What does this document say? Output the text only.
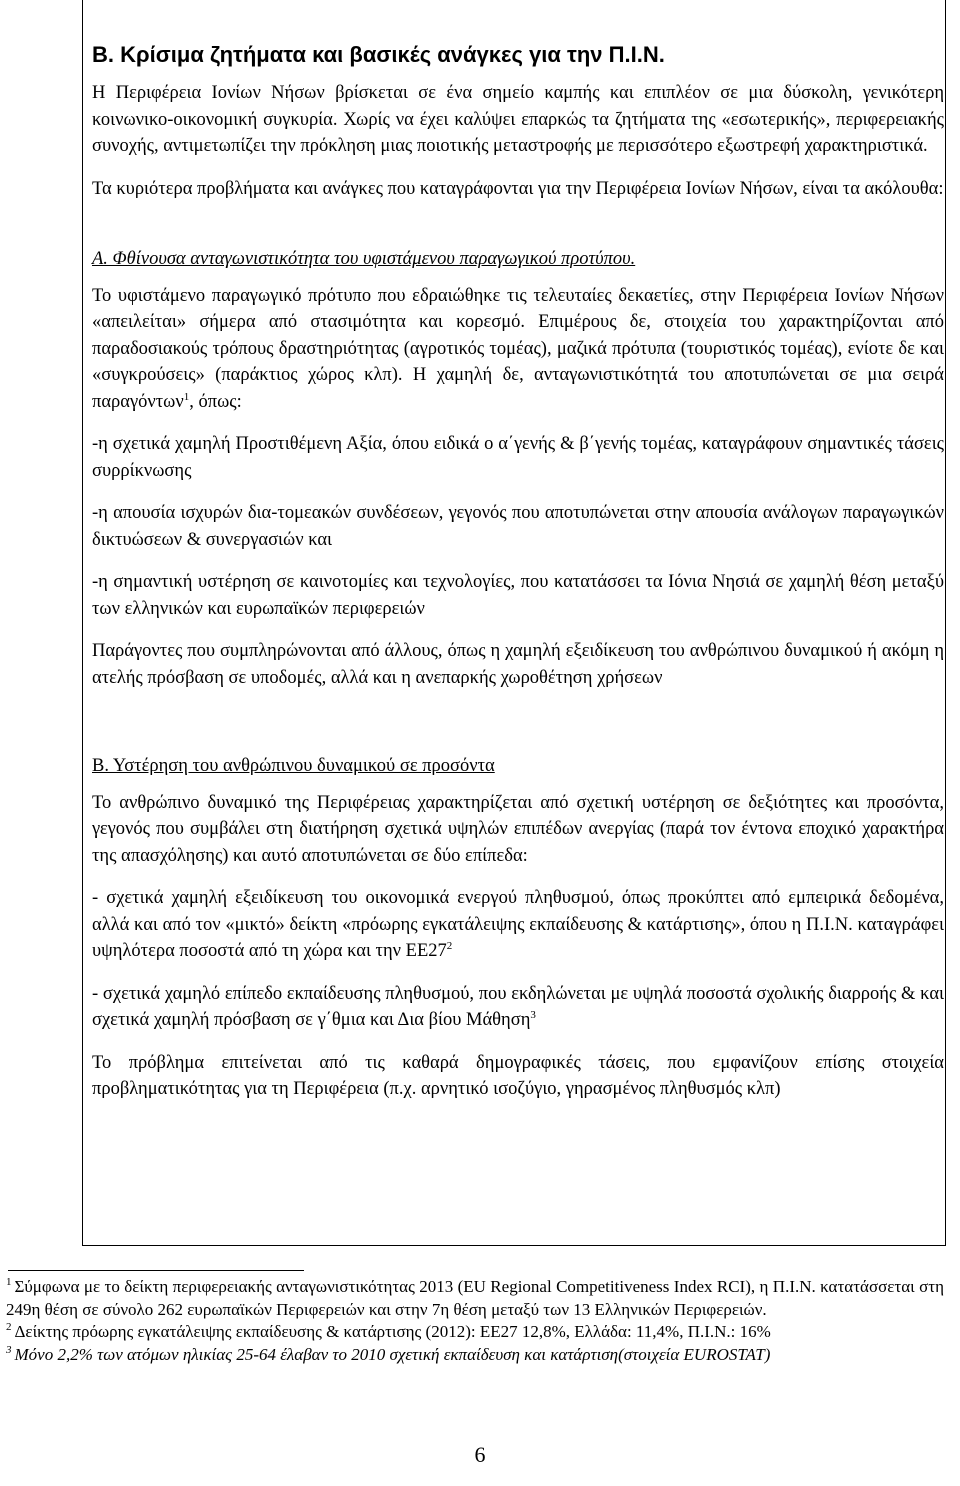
B. Κρίσιμα ζητήματα και βασικές ανάγκες για την Π.Ι.Ν.

Η Περιφέρεια Ιονίων Νήσων βρίσκεται σε ένα σημείο καμπής και επιπλέον σε μια δύσκολη, γενικότερη κοινωνικο-οικονομική συγκυρία. Χωρίς να έχει καλύψει επαρκώς τα ζητήματα της «εσωτερικής», περιφερειακής συνοχής, αντιμετωπίζει την πρόκληση μιας ποιοτικής μεταστροφής με περισσότερο εξωστρεφή χαρακτηριστικά.

Τα κυριότερα προβλήματα και ανάγκες που καταγράφονται για την Περιφέρεια Ιονίων Νήσων, είναι τα ακόλουθα:

Α. Φθίνουσα ανταγωνιστικότητα του υφιστάμενου παραγωγικού προτύπου.

Το υφιστάμενο παραγωγικό πρότυπο που εδραιώθηκε τις τελευταίες δεκαετίες, στην Περιφέρεια Ιονίων Νήσων «απειλείται» σήμερα από στασιμότητα και κορεσμό. Επιμέρους δε, στοιχεία του χαρακτηρίζονται από παραδοσιακούς τρόπους δραστηριότητας (αγροτικός τομέας), μαζικά πρότυπα (τουριστικός τομέας), ενίοτε δε και «συγκρούσεις» (παράκτιος χώρος κλπ). Η χαμηλή δε, ανταγωνιστικότητά του αποτυπώνεται σε μια σειρά παραγόντων$^1$, όπως:

-η σχετικά χαμηλή Προστιθέμενη Αξία, όπου ειδικά ο α΄γενής & β΄γενής τομέας, καταγράφουν σημαντικές τάσεις συρρίκνωσης

-η απουσία ισχυρών δια-τομεακών συνδέσεων, γεγονός που αποτυπώνεται στην απουσία ανάλογων παραγωγικών δικτυώσεων & συνεργασιών και

-η σημαντική υστέρηση σε καινοτομίες και τεχνολογίες, που κατατάσσει τα Ιόνια Νησιά σε χαμηλή θέση μεταξύ των ελληνικών και ευρωπαϊκών περιφερειών

Παράγοντες που συμπληρώνονται από άλλους, όπως η χαμηλή εξειδίκευση του ανθρώπινου δυναμικού ή ακόμη η ατελής πρόσβαση σε υποδομές, αλλά και η ανεπαρκής χωροθέτηση χρήσεων

Β. Υστέρηση του ανθρώπινου δυναμικού σε προσόντα

Το ανθρώπινο δυναμικό της Περιφέρειας χαρακτηρίζεται από σχετική υστέρηση σε δεξιότητες και προσόντα, γεγονός που συμβάλει στη διατήρηση σχετικά υψηλών επιπέδων ανεργίας (παρά τον έντονα εποχικό χαρακτήρα της απασχόλησης) και αυτό αποτυπώνεται σε δύο επίπεδα:

- σχετικά χαμηλή εξειδίκευση του οικονομικά ενεργού πληθυσμού, όπως προκύπτει από εμπειρικά δεδομένα, αλλά και από τον «μικτό» δείκτη «πρόωρης εγκατάλειψης εκπαίδευσης & κατάρτισης», όπου η Π.Ι.Ν. καταγράφει υψηλότερα ποσοστά από τη χώρα και την $EE27^2$

- σχετικά χαμηλό επίπεδο εκπαίδευσης πληθυσμού, που εκδηλώνεται με υψηλά ποσοστά σχολικής διαρροής & και σχετικά χαμηλή πρόσβαση σε γ΄θμια και Δια βίου Μάθηση$^3$

Το πρόβλημα επιτείνεται από τις καθαρά δημογραφικές τάσεις, που εμφανίζουν επίσης στοιχεία προβληματικότητας για τη Περιφέρεια (π.χ. αρνητικό ισοζύγιο, γηρασμένος πληθυσμός κλπ)

$^1$ Σύμφωνα με το δείκτη περιφερειακής ανταγωνιστικότητας 2013 (EU Regional Competitiveness Index RCI), η Π.Ι.Ν. κατατάσσεται στη 249η θέση σε σύνολο 262 ευρωπαϊκών Περιφερειών και στην 7η θέση μεταξύ των 13 Ελληνικών Περιφερειών.

$^2$ Δείκτης πρόωρης εγκατάλειψης εκπαίδευσης & κατάρτισης (2012): ΕΕ27 12,8%, Ελλάδα: 11,4%, Π.Ι.Ν.: 16%

$^3$ Μόνο 2,2% των ατόμων ηλικίας 25-64 έλαβαν το 2010 σχετική εκπαίδευση και κατάρτιση(στοιχεία EUROSTAT)

6
